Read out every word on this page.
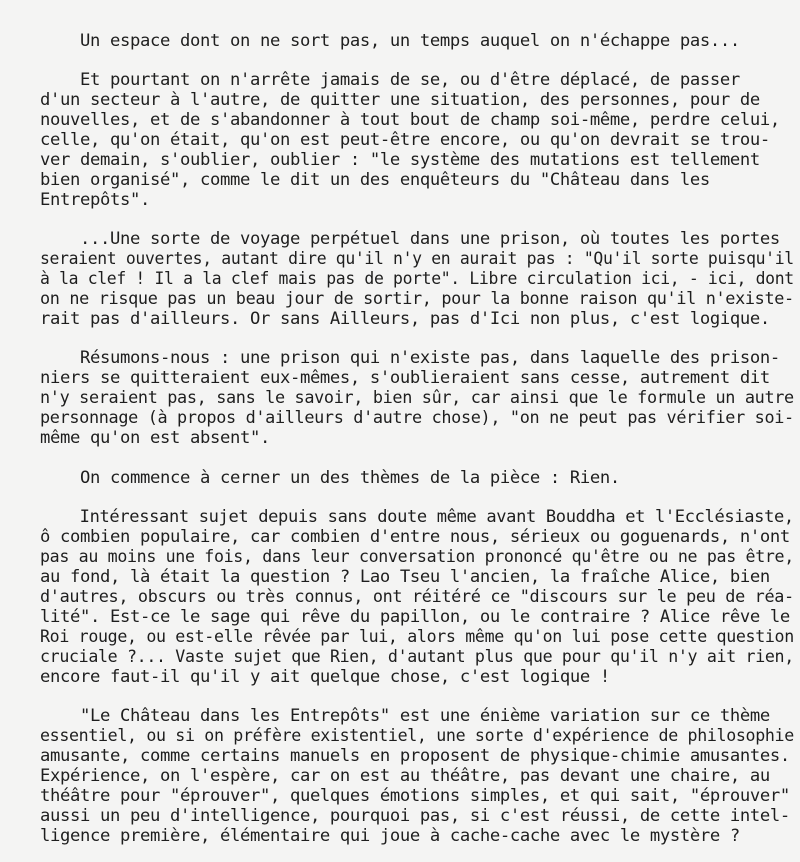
Un espace dont on ne sort pas, un temps auquel on n'échappe pas...
Et pourtant on n'arrête jamais de se, ou d'être déplacé, de passer
d'un secteur à l'autre, de quitter une situation, des personnes, pour de
nouvelles, et de s'abandonner à tout bout de champ soi-même, perdre celui,
celle, qu'on était, qu'on est peut-être encore, ou qu'on devrait se trou-
ver demain, s'oublier, oublier : "le système des mutations est tellement
bien organisé", comme le dit un des enquêteurs du "Château dans les
Entrepôts".
...Une sorte de voyage perpétuel dans une prison, où toutes les portes
seraient ouvertes, autant dire qu'il n'y en aurait pas : "Qu'il sorte puisqu'il
à la clef ! Il a la clef mais pas de porte". Libre circulation ici, - ici, dont
on ne risque pas un beau jour de sortir, pour la bonne raison qu'il n'existe-
rait pas d'ailleurs. Or sans Ailleurs, pas d'Ici non plus, c'est logique.
Résumons-nous : une prison qui n'existe pas, dans laquelle des prison-
niers se quitteraient eux-mêmes, s'oublieraient sans cesse, autrement dit
n'y seraient pas, sans le savoir, bien sûr, car ainsi que le formule un autre
personnage (à propos d'ailleurs d'autre chose), "on ne peut pas vérifier soi-
même qu'on est absent".
On commence à cerner un des thèmes de la pièce : Rien.
Intéressant sujet depuis sans doute même avant Bouddha et l'Ecclésiaste,
ô combien populaire, car combien d'entre nous, sérieux ou goguenards, n'ont
pas au moins une fois, dans leur conversation prononcé qu'être ou ne pas être,
au fond, là était la question ? Lao Tseu l'ancien, la fraîche Alice, bien
d'autres, obscurs ou très connus, ont réitéré ce "discours sur le peu de réa-
lité". Est-ce le sage qui rêve du papillon, ou le contraire ? Alice rêve le
Roi rouge, ou est-elle rêvée par lui, alors même qu'on lui pose cette question
cruciale ?... Vaste sujet que Rien, d'autant plus que pour qu'il n'y ait rien,
encore faut-il qu'il y ait quelque chose, c'est logique !
"Le Château dans les Entrepôts" est une énième variation sur ce thème
essentiel, ou si on préfère existentiel, une sorte d'expérience de philosophie
amusante, comme certains manuels en proposent de physique-chimie amusantes.
Expérience, on l'espère, car on est au théâtre, pas devant une chaire, au
théâtre pour "éprouver", quelques émotions simples, et qui sait, "éprouver"
aussi un peu d'intelligence, pourquoi pas, si c'est réussi, de cette intel-
ligence première, élémentaire qui joue à cache-cache avec le mystère ?
